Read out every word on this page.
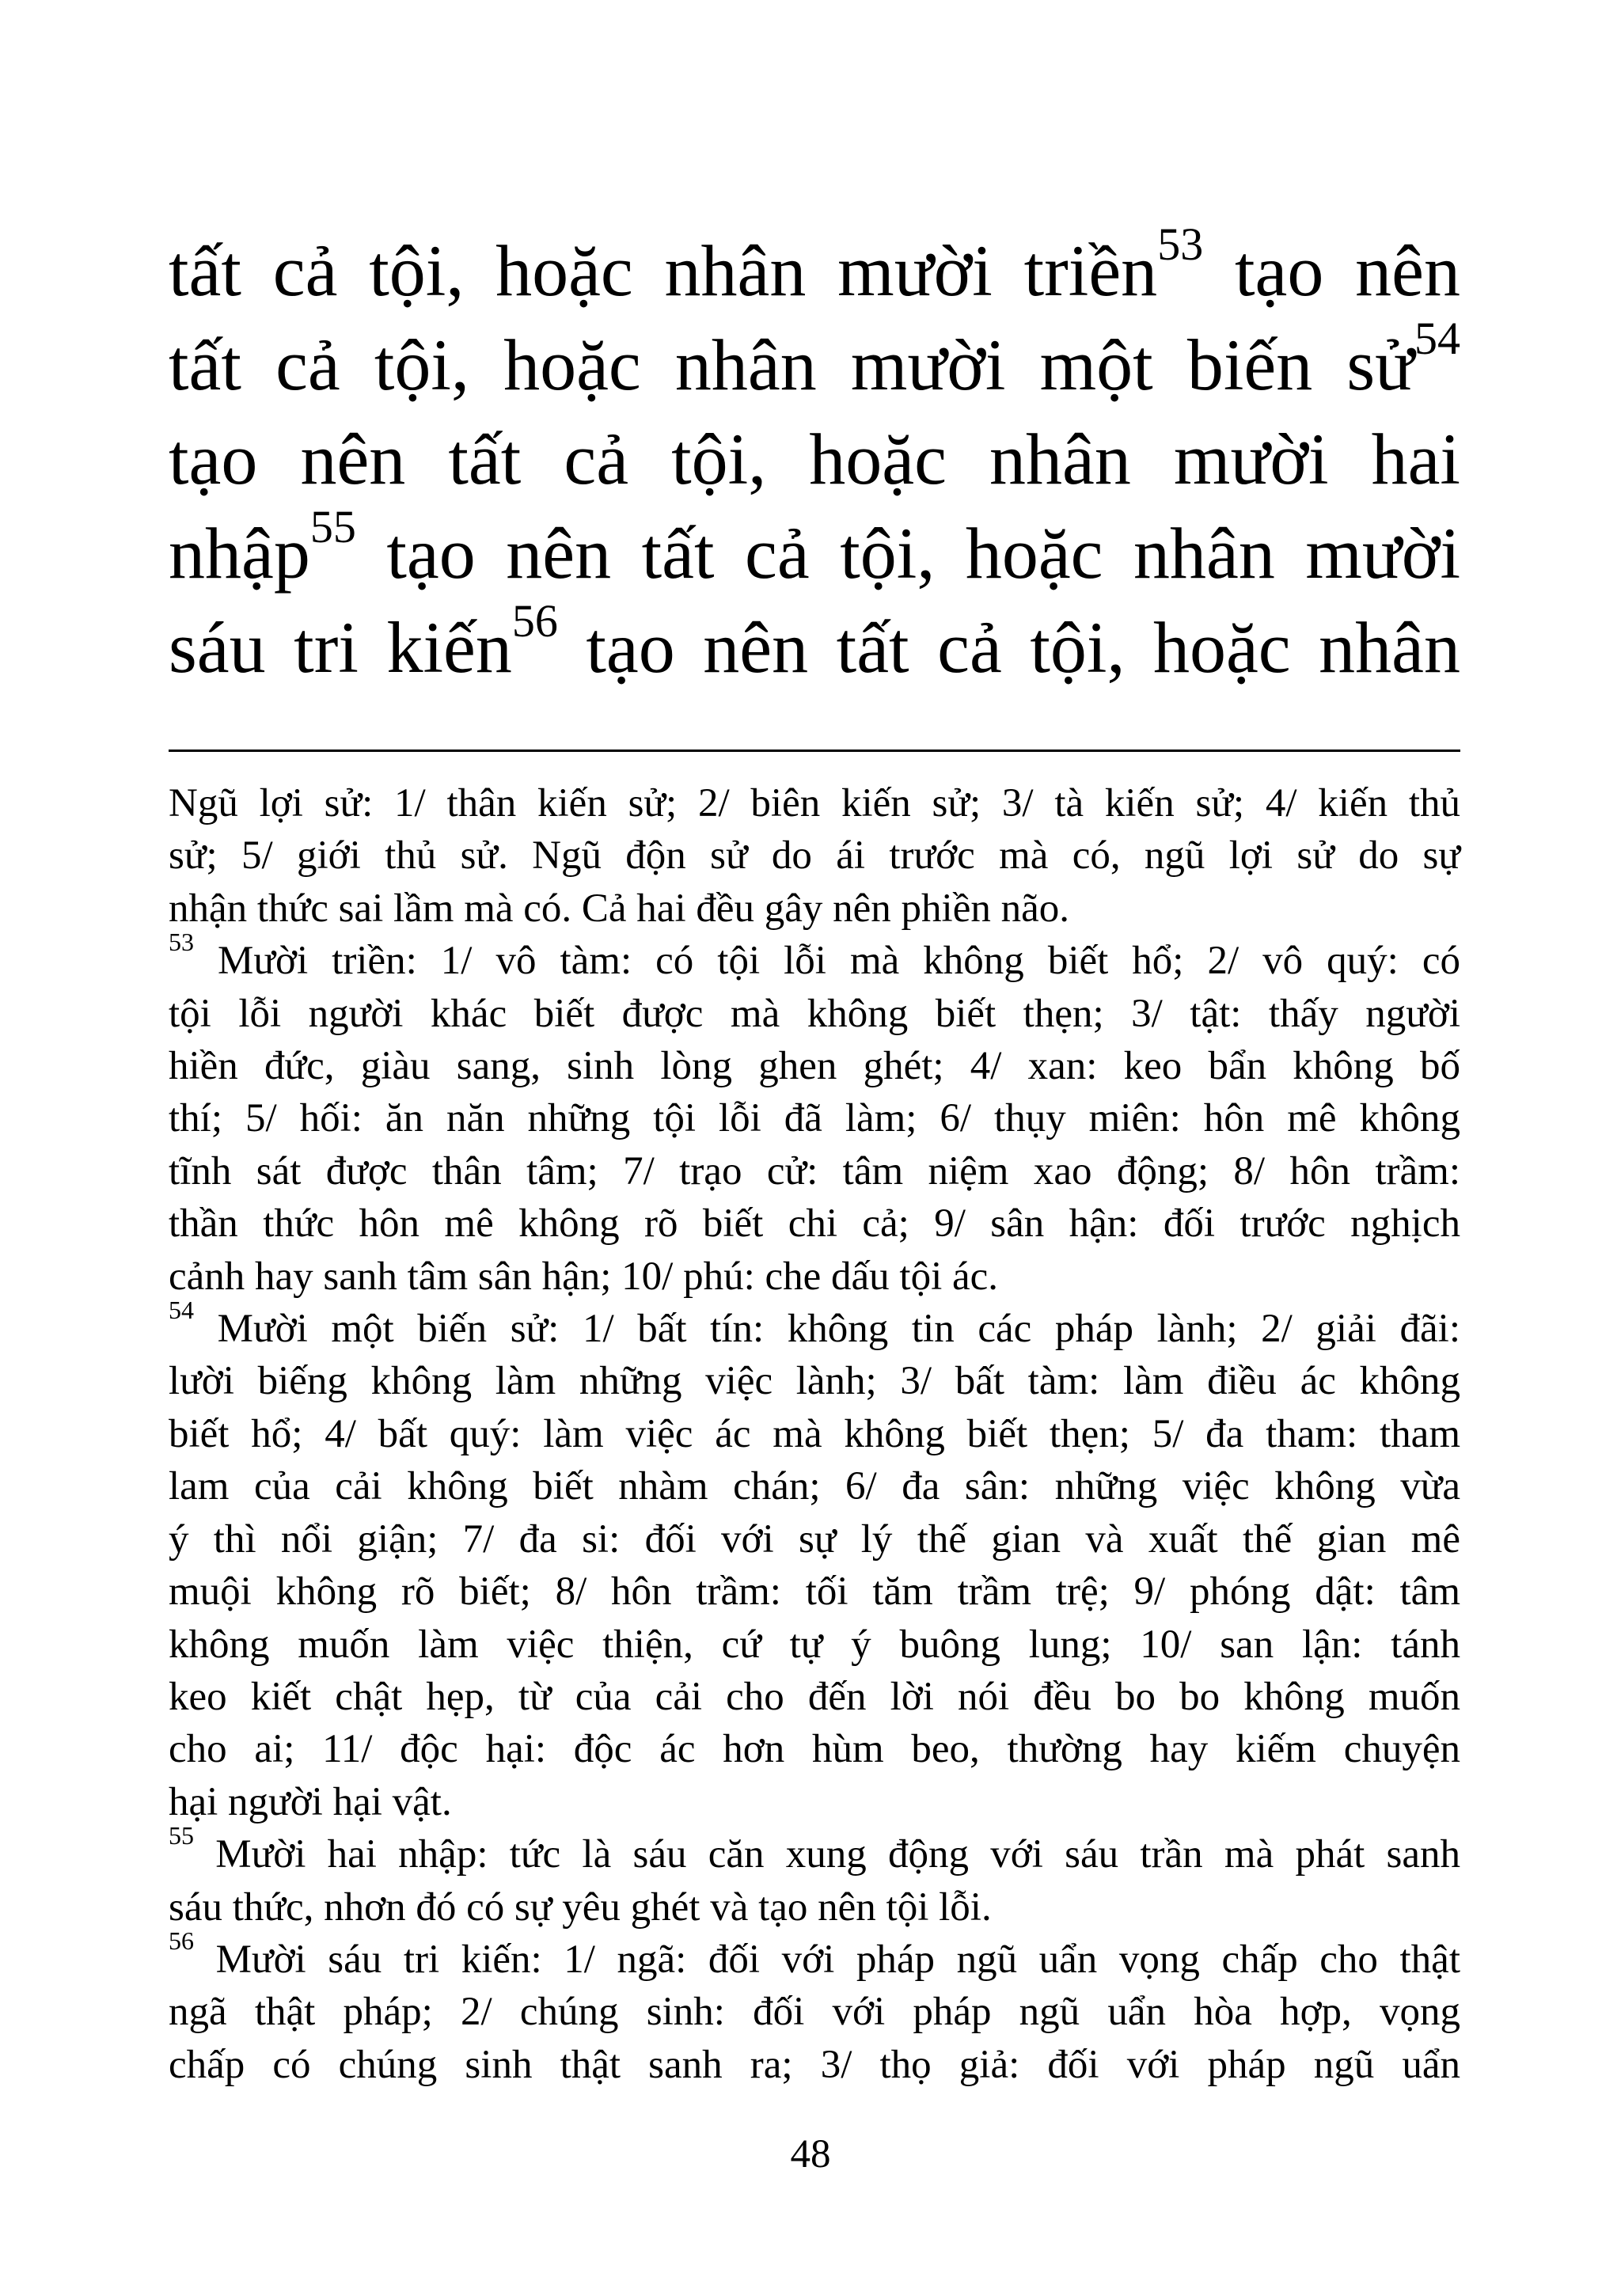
tất cả tội, hoặc nhân mười triền$^{53}$ tạo nên
tất cả tội, hoặc nhân mười một biến sử$^{54}$
tạo nên tất cả tội, hoặc nhân mười hai
nhập$^{55}$ tạo nên tất cả tội, hoặc nhân mười
sáu tri kiến$^{56}$ tạo nên tất cả tội, hoặc nhân
Ngũ lợi sử: 1/ thân kiến sử; 2/ biên kiến sử; 3/ tà kiến sử; 4/ kiến thủ
sử; 5/ giới thủ sử. Ngũ độn sử do ái trước mà có, ngũ lợi sử do sự
nhận thức sai lầm mà có. Cả hai đều gây nên phiền não.
$^{53}$ Mười triền: 1/ vô tàm: có tội lỗi mà không biết hổ; 2/ vô quý: có
tội lỗi người khác biết được mà không biết thẹn; 3/ tật: thấy người
hiền đức, giàu sang, sinh lòng ghen ghét; 4/ xan: keo bẩn không bố
thí; 5/ hối: ăn năn những tội lỗi đã làm; 6/ thụy miên: hôn mê không
tĩnh sát được thân tâm; 7/ trạo cử: tâm niệm xao động; 8/ hôn trầm:
thần thức hôn mê không rõ biết chi cả; 9/ sân hận: đối trước nghịch
cảnh hay sanh tâm sân hận; 10/ phú: che dấu tội ác.
$^{54}$ Mười một biến sử: 1/ bất tín: không tin các pháp lành; 2/ giải đãi:
lười biếng không làm những việc lành; 3/ bất tàm: làm điều ác không
biết hổ; 4/ bất quý: làm việc ác mà không biết thẹn; 5/ đa tham: tham
lam của cải không biết nhàm chán; 6/ đa sân: những việc không vừa
ý thì nổi giận; 7/ đa si: đối với sự lý thế gian và xuất thế gian mê
muội không rõ biết; 8/ hôn trầm: tối tăm trầm trệ; 9/ phóng dật: tâm
không muốn làm việc thiện, cứ tự ý buông lung; 10/ san lận: tánh
keo kiết chật hẹp, từ của cải cho đến lời nói đều bo bo không muốn
cho ai; 11/ độc hại: độc ác hơn hùm beo, thường hay kiếm chuyện
hại người hại vật.
$^{55}$ Mười hai nhập: tức là sáu căn xung động với sáu trần mà phát sanh
sáu thức, nhơn đó có sự yêu ghét và tạo nên tội lỗi.
$^{56}$ Mười sáu tri kiến: 1/ ngã: đối với pháp ngũ uẩn vọng chấp cho thật
ngã thật pháp; 2/ chúng sinh: đối với pháp ngũ uẩn hòa hợp, vọng
chấp có chúng sinh thật sanh ra; 3/ thọ giả: đối với pháp ngũ uẩn
48
